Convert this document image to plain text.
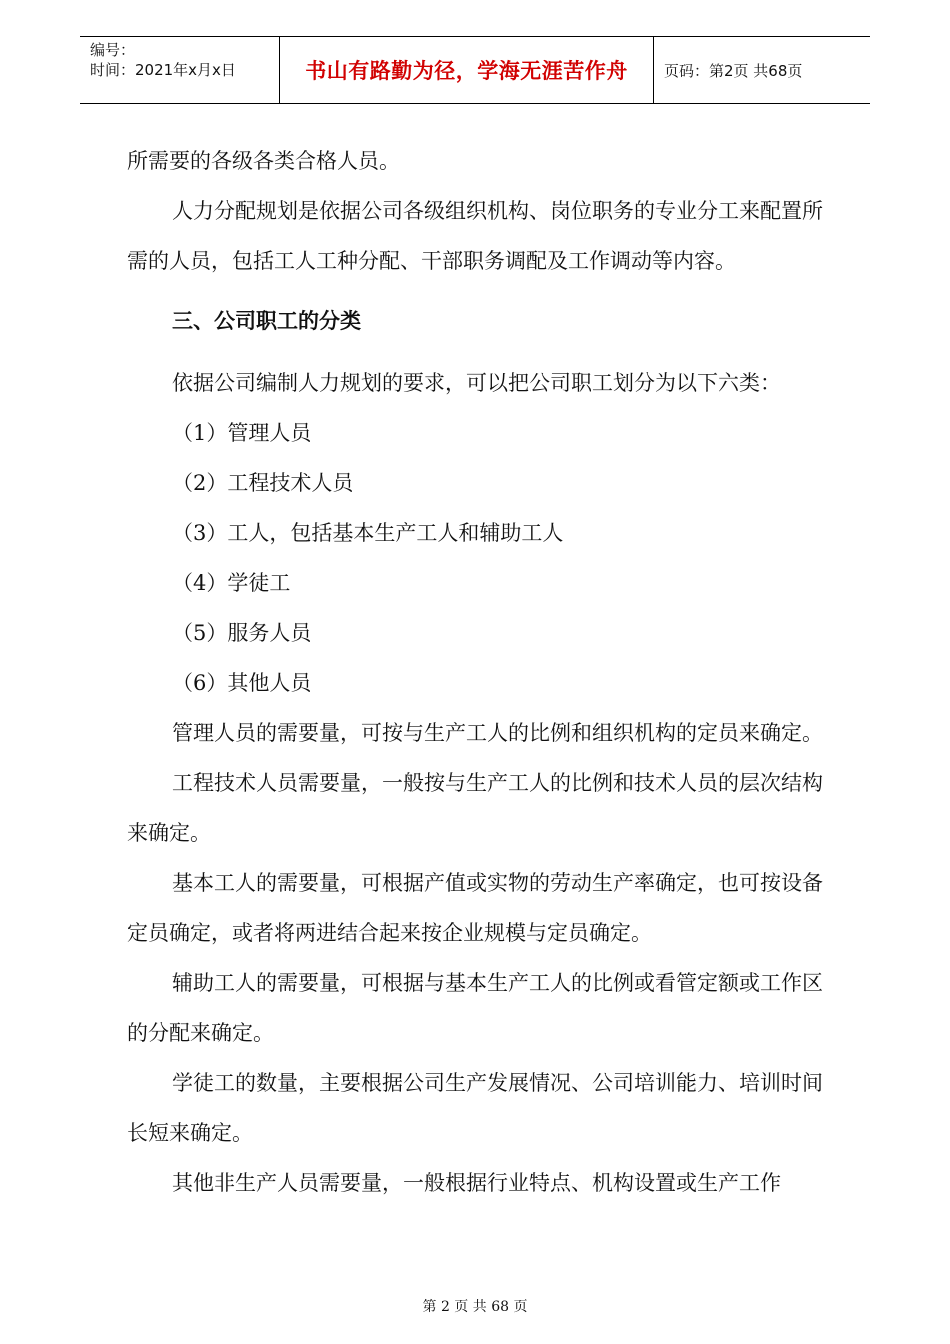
编号：
时间：2021年x月x日	书山有路勤为径，学海无涯苦作舟	页码：第2页 共68页

所需要的各级各类合格人员。

人力分配规划是依据公司各级组织机构、岗位职务的专业分工来配置所需的人员，包括工人工种分配、干部职务调配及工作调动等内容。

三、公司职工的分类

依据公司编制人力规划的要求，可以把公司职工划分为以下六类：

（1）管理人员

（2）工程技术人员

（3）工人，包括基本生产工人和辅助工人

（4）学徒工

（5）服务人员

（6）其他人员

管理人员的需要量，可按与生产工人的比例和组织机构的定员来确定。

工程技术人员需要量，一般按与生产工人的比例和技术人员的层次结构来确定。

基本工人的需要量，可根据产值或实物的劳动生产率确定，也可按设备定员确定，或者将两进结合起来按企业规模与定员确定。

辅助工人的需要量，可根据与基本生产工人的比例或看管定额或工作区的分配来确定。

学徒工的数量，主要根据公司生产发展情况、公司培训能力、培训时间长短来确定。

其他非生产人员需要量，一般根据行业特点、机构设置或生产工作

第 2 页 共 68 页
